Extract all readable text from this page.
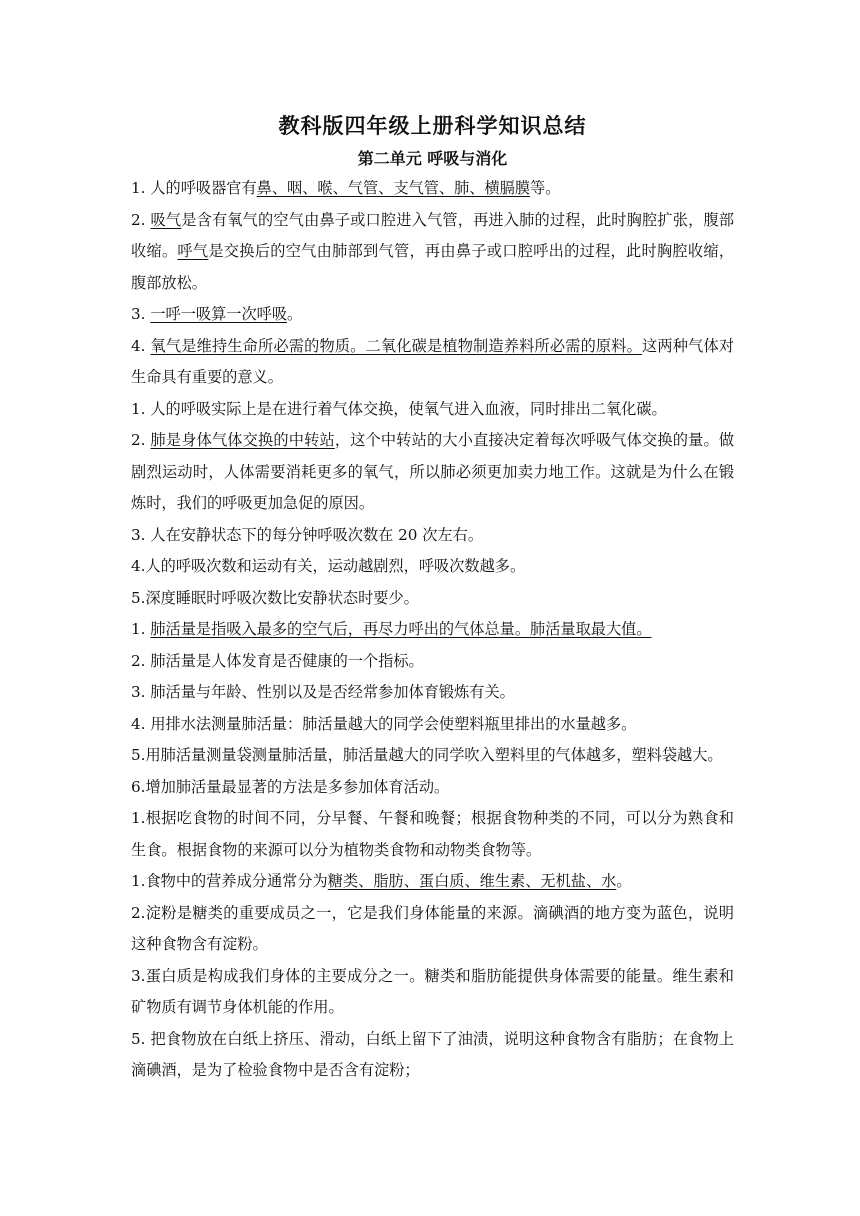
教科版四年级上册科学知识总结
第二单元 呼吸与消化

1. 人的呼吸器官有鼻、咽、喉、气管、支气管、肺、横膈膜等。

2. 吸气是含有氧气的空气由鼻子或口腔进入气管，再进入肺的过程，此时胸腔扩张，腹部收缩。呼气是交换后的空气由肺部到气管，再由鼻子或口腔呼出的过程，此时胸腔收缩，腹部放松。

3. 一呼一吸算一次呼吸。

4. 氧气是维持生命所必需的物质。二氧化碳是植物制造养料所必需的原料。这两种气体对生命具有重要的意义。

1. 人的呼吸实际上是在进行着气体交换，使氧气进入血液，同时排出二氧化碳。

2. 肺是身体气体交换的中转站，这个中转站的大小直接决定着每次呼吸气体交换的量。做剧烈运动时，人体需要消耗更多的氧气，所以肺必须更加卖力地工作。这就是为什么在锻炼时，我们的呼吸更加急促的原因。

3. 人在安静状态下的每分钟呼吸次数在 20 次左右。

4.人的呼吸次数和运动有关，运动越剧烈，呼吸次数越多。

5.深度睡眠时呼吸次数比安静状态时要少。

1. 肺活量是指吸入最多的空气后，再尽力呼出的气体总量。肺活量取最大值。

2. 肺活量是人体发育是否健康的一个指标。

3. 肺活量与年龄、性别以及是否经常参加体育锻炼有关。

4. 用排水法测量肺活量：肺活量越大的同学会使塑料瓶里排出的水量越多。

5.用肺活量测量袋测量肺活量，肺活量越大的同学吹入塑料里的气体越多，塑料袋越大。

6.增加肺活量最显著的方法是多参加体育活动。

1.根据吃食物的时间不同，分早餐、午餐和晚餐；根据食物种类的不同，可以分为熟食和生食。根据食物的来源可以分为植物类食物和动物类食物等。

1.食物中的营养成分通常分为糖类、脂肪、蛋白质、维生素、无机盐、水。

2.淀粉是糖类的重要成员之一，它是我们身体能量的来源。滴碘酒的地方变为蓝色，说明这种食物含有淀粉。

3.蛋白质是构成我们身体的主要成分之一。糖类和脂肪能提供身体需要的能量。维生素和矿物质有调节身体机能的作用。

5. 把食物放在白纸上挤压、滑动，白纸上留下了油渍，说明这种食物含有脂肪；在食物上滴碘酒，是为了检验食物中是否含有淀粉；
